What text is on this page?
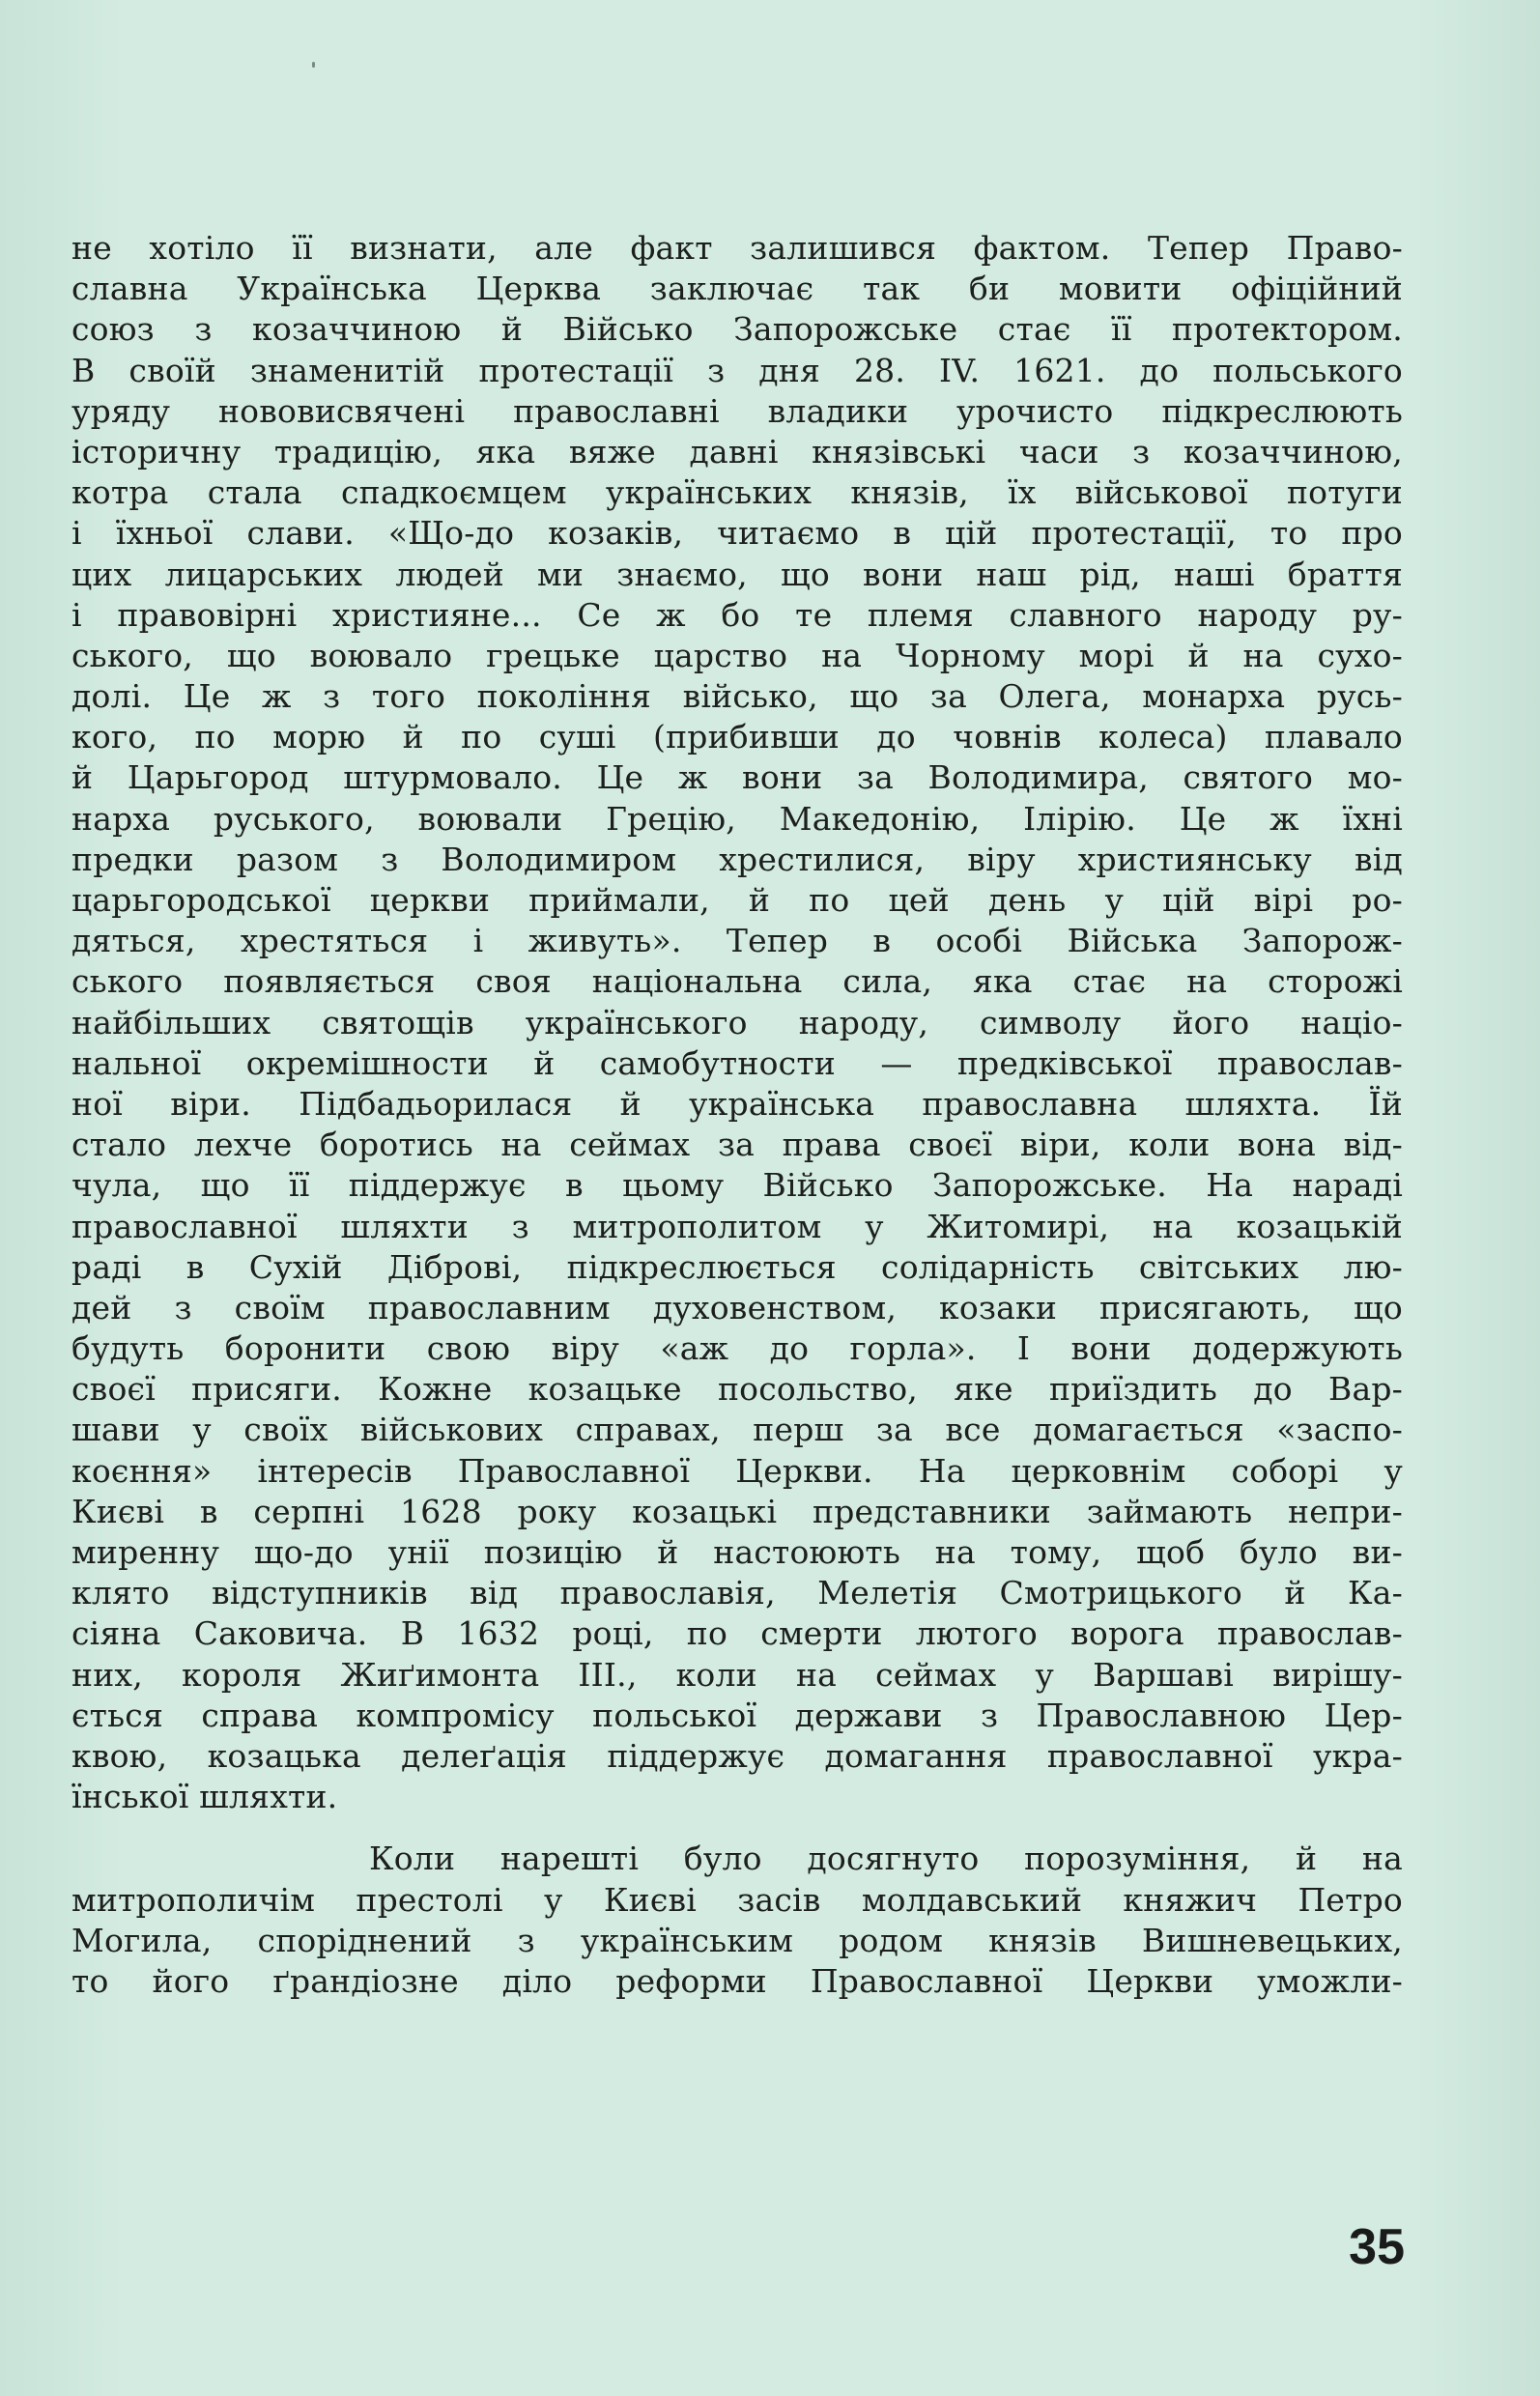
не хотіло її визнати, але факт залишився фактом. Тепер Право-
славна Українська Церква заключає так би мовити офіційний
союз з козаччиною й Військо Запорожське стає її протектором.
В своїй знаменитій протестації з дня 28. IV. 1621. до польського
уряду нововисвячені православні владики урочисто підкреслюють
історичну традицію, яка вяже давні князівські часи з козаччиною,
котра стала спадкоємцем українських князів, їх військової потуги
і їхньої слави. «Що-до козаків, читаємо в цій протестації, то про
цих лицарських людей ми знаємо, що вони наш рід, наші браття
і правовірні християне... Се ж бо те племя славного народу ру-
ського, що воювало грецьке царство на Чорному морі й на сухо-
долі. Це ж з того покоління військо, що за Олега, монарха русь-
кого, по морю й по суші (прибивши до човнів колеса) плавало
й Царьгород штурмовало. Це ж вони за Володимира, святого мо-
нарха руського, воювали Грецію, Македонію, Ілірію. Це ж їхні
предки разом з Володимиром хрестилися, віру християнську від
царьгородської церкви приймали, й по цей день у цій вірі ро-
дяться, хрестяться і живуть». Тепер в особі Війська Запорож-
ського появляється своя національна сила, яка стає на сторожі
найбільших святощів українського народу, символу його націо-
нальної окремішности й самобутности — предківської православ-
ної віри. Підбадьорилася й українська православна шляхта. Їй
стало лехче боротись на сеймах за права своєї віри, коли вона від-
чула, що її піддержує в цьому Військо Запорожське. На нараді
православної шляхти з митрополитом у Житомирі, на козацькій
раді в Сухій Діброві, підкреслюється солідарність світських лю-
дей з своїм православним духовенством, козаки присягають, що
будуть боронити свою віру «аж до горла». І вони додержують
своєї присяги. Кожне козацьке посольство, яке приїздить до Вар-
шави у своїх військових справах, перш за все домагається «заспо-
коєння» інтересів Православної Церкви. На церковнім соборі у
Києві в серпні 1628 року козацькі представники займають непри-
миренну що-до унії позицію й настоюють на тому, щоб було ви-
клято відступників від православія, Мелетія Смотрицького й Ка-
сіяна Саковича. В 1632 році, по смерти лютого ворога православ-
них, короля Жиґимонта ІІІ., коли на сеймах у Варшаві вирішу-
ється справа компромісу польської держави з Православною Цер-
квою, козацька делеґація піддержує домагання православної укра-
їнської шляхти.
Коли нарешті було досягнуто порозуміння, й на
митрополичім престолі у Києві засів молдавський княжич Петро
Могила, споріднений з українським родом князів Вишневецьких,
то його ґрандіозне діло реформи Православної Церкви уможли-
35
